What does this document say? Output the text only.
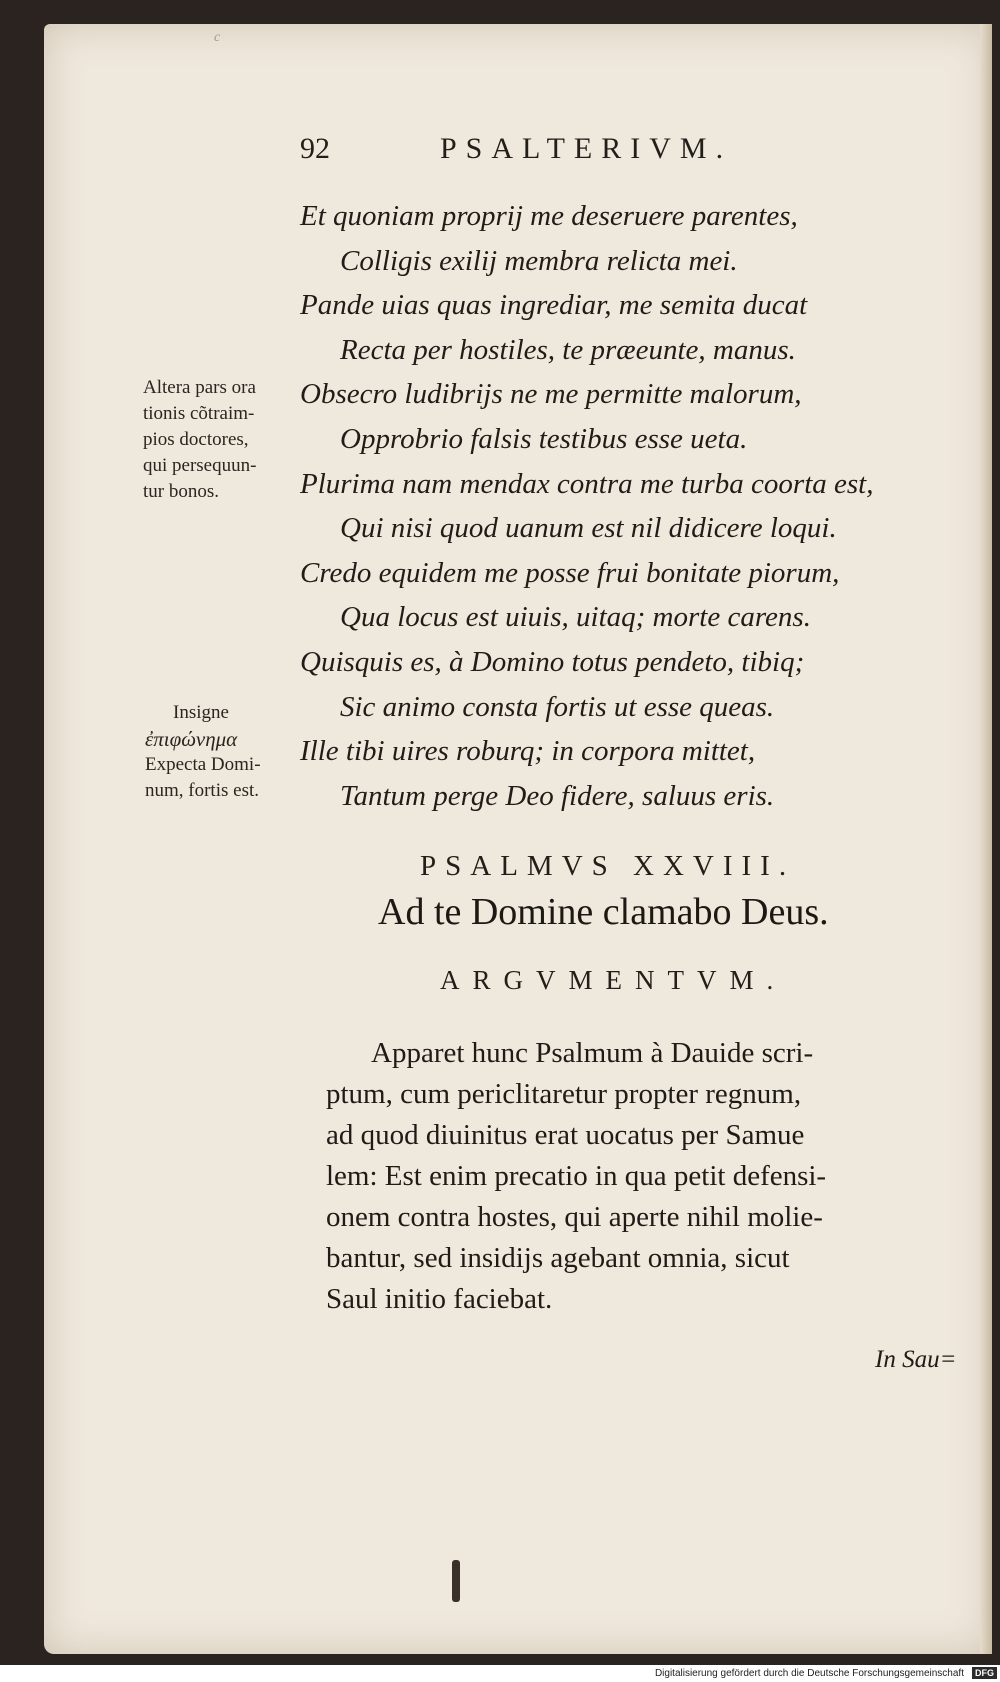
c
92	PSALTERIVM.
Et quoniam proprij me deseruere parentes,
Colligis exilij membra relicta mei.
Pande uias quas ingrediar, me semita ducat
Recta per hostiles, te præeunte, manus.
Obsecro ludibrijs ne me permitte malorum,
Opprobrio falsis testibus esse ueta.
Plurima nam mendax contra me turba coorta est,
Qui nisi quod uanum est nil didicere loqui.
Credo equidem me posse frui bonitate piorum,
Qua locus est uiuis, uitaq; morte carens.
Quisquis es, à Domino totus pendeto, tibiq;
Sic animo consta fortis ut esse queas.
Ille tibi uires roburq; in corpora mittet,
Tantum perge Deo fidere, saluus eris.
Altera pars ora
tionis cõtraim-
pios doctores,
qui persequun-
tur bonos.
Insigne
ἐπιφώνημα
Expecta Domi-
num, fortis est.
PSALMVS XXVIII.
Ad te Domine clamabo Deus.
ARGVMENTVM.
Apparet hunc Psalmum à Dauide scri-
ptum, cum periclitaretur propter regnum,
ad quod diuinitus erat uocatus per Samue
lem: Est enim precatio in qua petit defensi-
onem contra hostes, qui aperte nihil molie-
bantur, sed insidijs agebant omnia, sicut
Saul initio faciebat.
In Sau=
Digitalisierung gefördert durch die Deutsche Forschungsgemeinschaft	DFG
